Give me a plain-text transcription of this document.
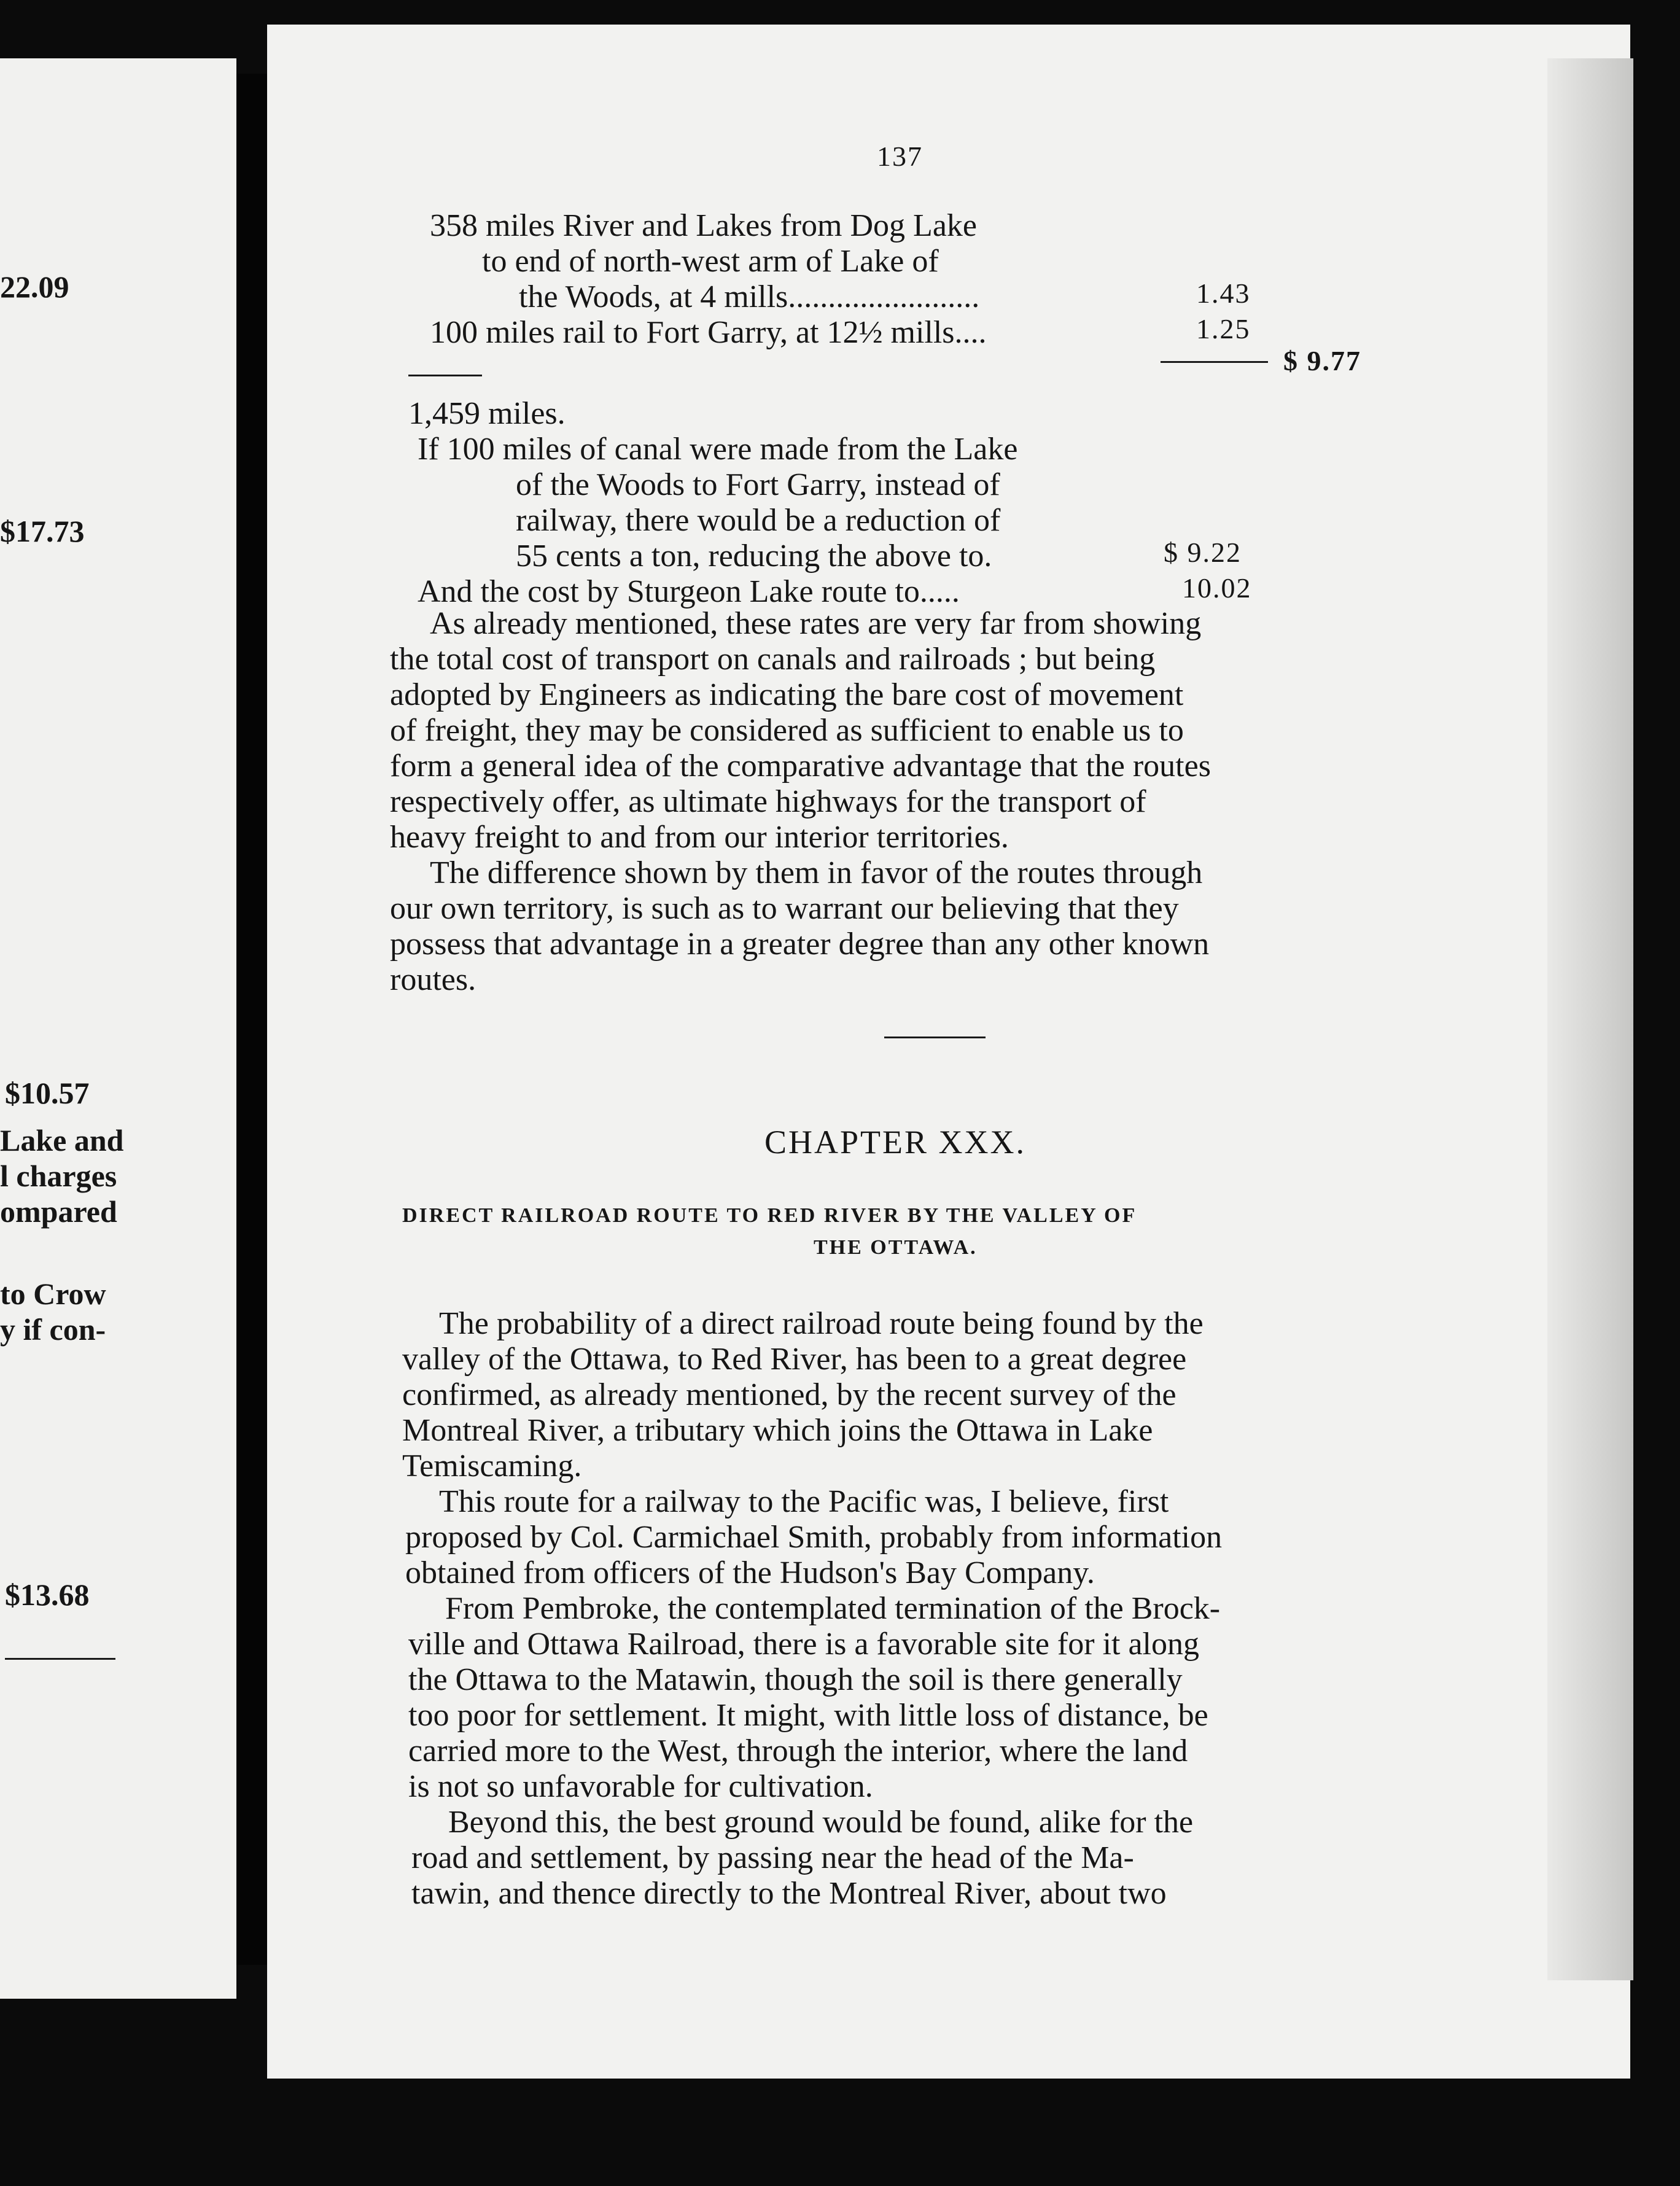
22.09
$17.73
$10.57
Lake and
l charges
ompared
to Crow
y if con-
$13.68
137
358 miles River and Lakes from Dog Lake
to end of north-west arm of Lake of
the Woods, at 4 mills........................	1.43
100 miles rail to Fort Garry, at 12½ mills....	1.25
$ 9.77
1,459 miles.
If 100 miles of canal were made from the Lake
of the Woods to Fort Garry, instead of
railway, there would be a reduction of
55 cents a ton, reducing the above to.	$ 9.22
And the cost by Sturgeon Lake route to.....	10.02
As already mentioned, these rates are very far from showing
the total cost of transport on canals and railroads ; but being
adopted by Engineers as indicating the bare cost of movement
of freight, they may be considered as sufficient to enable us to
form a general idea of the comparative advantage that the routes
respectively offer, as ultimate highways for the transport of
heavy freight to and from our interior territories.
The difference shown by them in favor of the routes through
our own territory, is such as to warrant our believing that they
possess that advantage in a greater degree than any other known
routes.
CHAPTER XXX.
DIRECT RAILROAD ROUTE TO RED RIVER BY THE VALLEY OF
THE OTTAWA.
The probability of a direct railroad route being found by the
valley of the Ottawa, to Red River, has been to a great degree
confirmed, as already mentioned, by the recent survey of the
Montreal River, a tributary which joins the Ottawa in Lake
Temiscaming.
This route for a railway to the Pacific was, I believe, first
proposed by Col. Carmichael Smith, probably from information
obtained from officers of the Hudson's Bay Company.
From Pembroke, the contemplated termination of the Brock-
ville and Ottawa Railroad, there is a favorable site for it along
the Ottawa to the Matawin, though the soil is there generally
too poor for settlement. It might, with little loss of distance, be
carried more to the West, through the interior, where the land
is not so unfavorable for cultivation.
Beyond this, the best ground would be found, alike for the
road and settlement, by passing near the head of the Ma-
tawin, and thence directly to the Montreal River, about two
